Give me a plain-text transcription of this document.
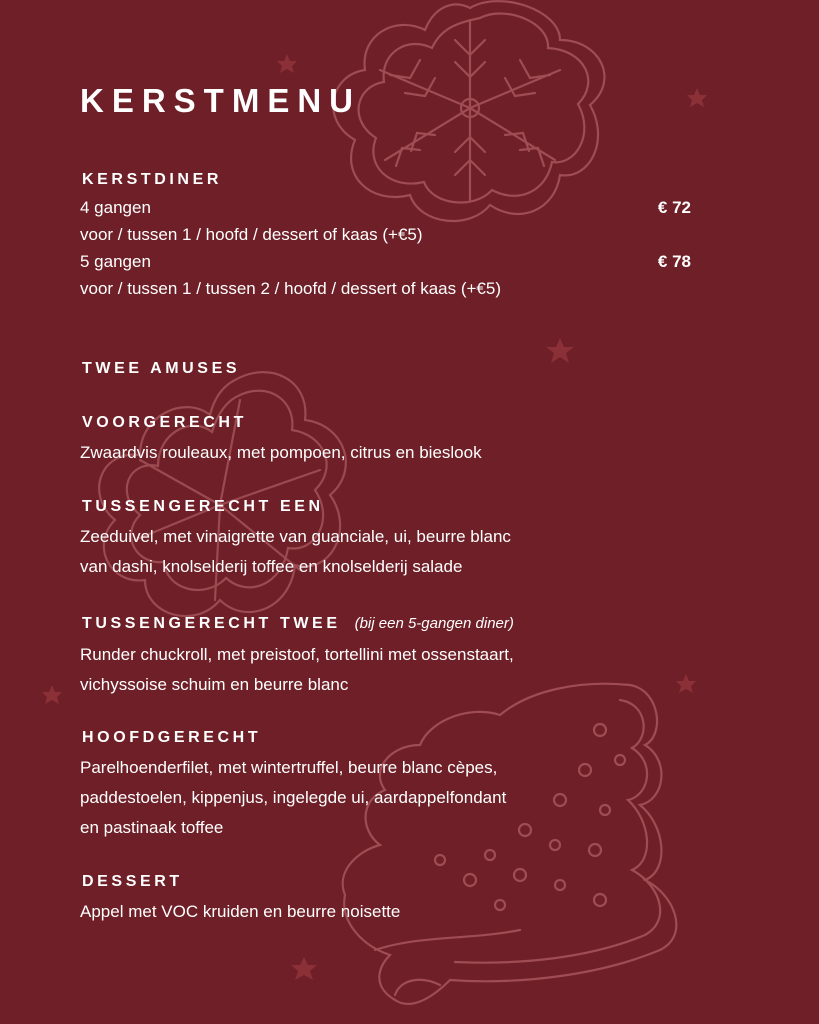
KERSTMENU
KERSTDINER
4 gangen	€ 72
voor / tussen 1 / hoofd / dessert of kaas (+€5)
5 gangen	€ 78
voor / tussen 1 / tussen 2 / hoofd / dessert of kaas (+€5)
TWEE AMUSES
VOORGERECHT
Zwaardvis rouleaux, met pompoen, citrus en bieslook
TUSSENGERECHT EEN
Zeeduivel, met vinaigrette van guanciale, ui, beurre blanc
van dashi, knolselderij toffee en knolselderij salade
TUSSENGERECHT TWEE (bij een 5-gangen diner)
Runder chuckroll, met preistoof, tortellini met ossenstaart,
vichyssoise schuim en beurre blanc
HOOFDGERECHT
Parelhoenderfilet, met wintertruffel, beurre blanc cèpes,
paddestoelen, kippenjus, ingelegde ui, aardappelfondant
en pastinaak toffee
DESSERT
Appel met VOC kruiden en beurre noisette
